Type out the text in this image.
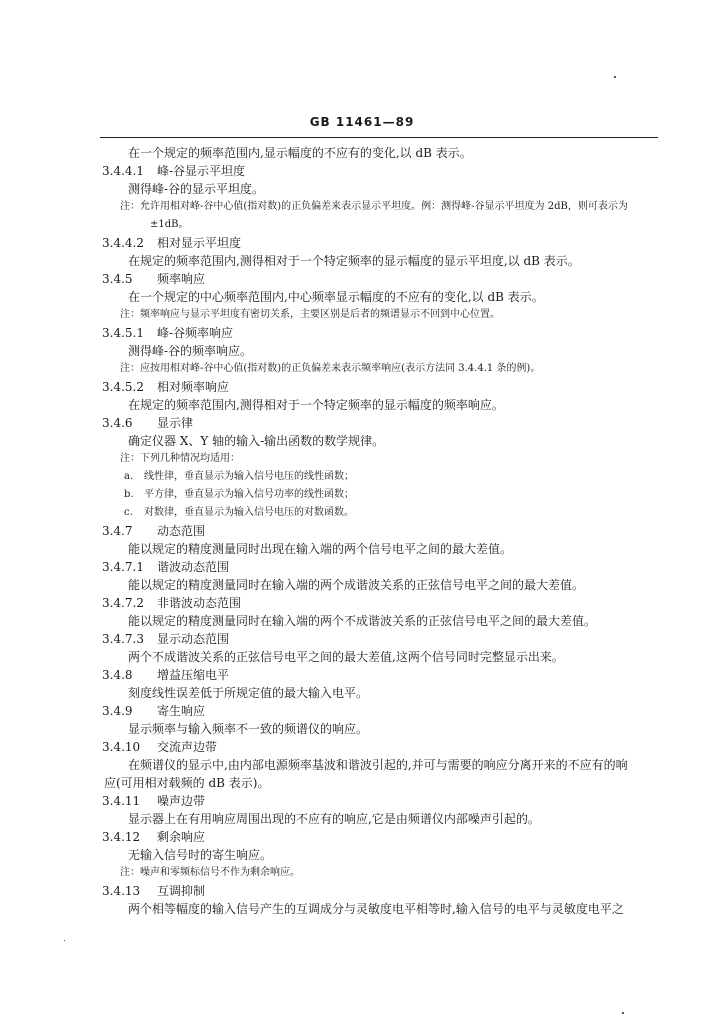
GB 11461—89
在一个规定的频率范围内,显示幅度的不应有的变化,以 dB 表示。
3.4.4.1 峰-谷显示平坦度
测得峰-谷的显示平坦度。
注：允许用相对峰-谷中心值(指对数)的正负偏差来表示显示平坦度。例：测得峰-谷显示平坦度为 2dB，则可表示为
±1dB。
3.4.4.2 相对显示平坦度
在规定的频率范围内,测得相对于一个特定频率的显示幅度的显示平坦度,以 dB 表示。
3.4.5 频率响应
在一个规定的中心频率范围内,中心频率显示幅度的不应有的变化,以 dB 表示。
注：频率响应与显示平坦度有密切关系，主要区别是后者的频谱显示不回到中心位置。
3.4.5.1 峰-谷频率响应
测得峰-谷的频率响应。
注：应按用相对峰-谷中心值(指对数)的正负偏差来表示频率响应(表示方法同 3.4.4.1 条的例)。
3.4.5.2 相对频率响应
在规定的频率范围内,测得相对于一个特定频率的显示幅度的频率响应。
3.4.6 显示律
确定仪器 X、Y 轴的输入-输出函数的数学规律。
注：下列几种情况均适用：
a. 线性律，垂直显示为输入信号电压的线性函数；
b. 平方律，垂直显示为输入信号功率的线性函数；
c. 对数律，垂直显示为输入信号电压的对数函数。
3.4.7 动态范围
能以规定的精度测量同时出现在输入端的两个信号电平之间的最大差值。
3.4.7.1 谐波动态范围
能以规定的精度测量同时在输入端的两个成谐波关系的正弦信号电平之间的最大差值。
3.4.7.2 非谐波动态范围
能以规定的精度测量同时在输入端的两个不成谐波关系的正弦信号电平之间的最大差值。
3.4.7.3 显示动态范围
两个不成谐波关系的正弦信号电平之间的最大差值,这两个信号同时完整显示出来。
3.4.8 增益压缩电平
刻度线性误差低于所规定值的最大输入电平。
3.4.9 寄生响应
显示频率与输入频率不一致的频谱仪的响应。
3.4.10 交流声边带
在频谱仪的显示中,由内部电源频率基波和谐波引起的,并可与需要的响应分离开来的不应有的响
应(可用相对载频的 dB 表示)。
3.4.11 噪声边带
显示器上在有用响应周围出现的不应有的响应,它是由频谱仪内部噪声引起的。
3.4.12 剩余响应
无输入信号时的寄生响应。
注：噪声和零频标信号不作为剩余响应。
3.4.13 互调抑制
两个相等幅度的输入信号产生的互调成分与灵敏度电平相等时,输入信号的电平与灵敏度电平之
